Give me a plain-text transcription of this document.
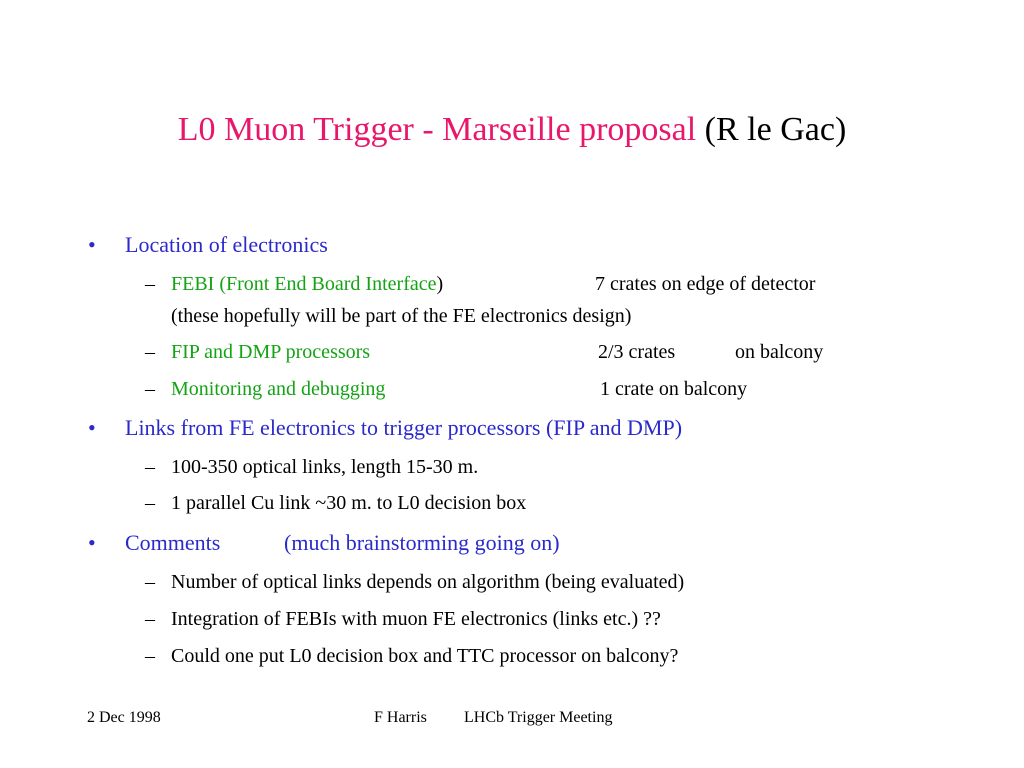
L0 Muon Trigger - Marseille proposal (R le Gac)
• Location of electronics
– FEBI (Front End Board Interface)	7 crates on edge of detector
(these hopefully will be part of the FE electronics design)
– FIP and DMP processors	2/3 crates	on balcony
– Monitoring and debugging	1 crate on balcony
• Links from FE electronics to trigger processors (FIP and DMP)
– 100-350 optical links, length 15-30 m.
– 1 parallel Cu link ~30 m. to L0 decision box
• Comments	(much brainstorming going on)
– Number of optical links depends on algorithm (being evaluated)
– Integration of FEBIs with muon FE electronics (links etc.) ??
– Could one put L0 decision box and TTC processor on balcony?
2 Dec 1998	F Harris LHCb Trigger Meeting
